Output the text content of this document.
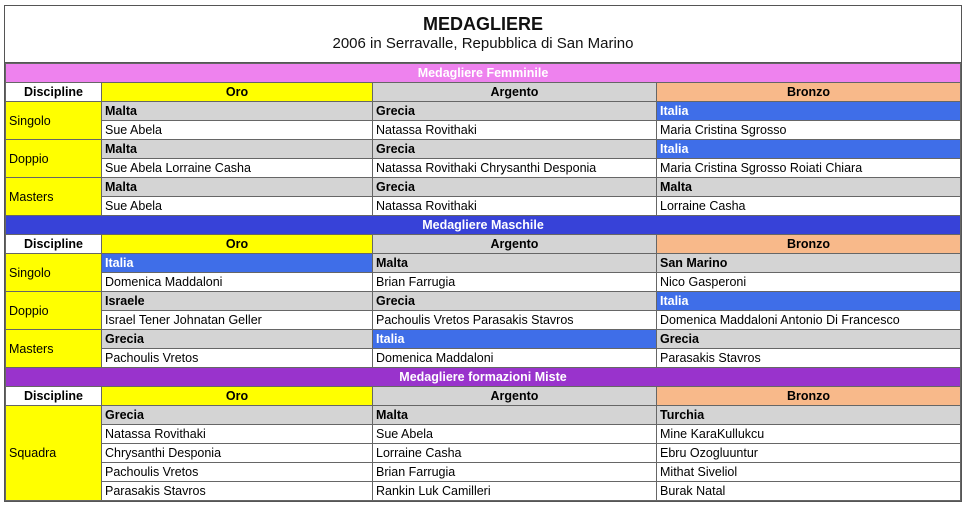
MEDAGLIERE
2006 in Serravalle, Repubblica di San Marino
Medagliere Femminile			
Discipline	Oro	Argento	Bronzo
Singolo	Malta	Grecia	Italia
	Sue Abela	Natassa Rovithaki	Maria Cristina Sgrosso
Doppio	Malta	Grecia	Italia
	Sue Abela Lorraine Casha	Natassa Rovithaki Chrysanthi Desponia	Maria Cristina Sgrosso Roiati Chiara
Masters	Malta	Grecia	Malta
	Sue Abela	Natassa Rovithaki	Lorraine Casha
Medagliere Maschile			
Discipline	Oro	Argento	Bronzo
Singolo	Italia	Malta	San Marino
	Domenica Maddaloni	Brian Farrugia	Nico Gasperoni
Doppio	Israele	Grecia	Italia
	Israel Tener Johnatan Geller	Pachoulis Vretos Parasakis Stavros	Domenica Maddaloni Antonio Di Francesco
Masters	Grecia	Italia	Grecia
	Pachoulis Vretos	Domenica Maddaloni	Parasakis Stavros
Medagliere formazioni Miste			
Discipline	Oro	Argento	Bronzo
Squadra	Grecia	Malta	Turchia
	Natassa Rovithaki	Sue Abela	Mine KaraKullukcu
	Chrysanthi Desponia	Lorraine Casha	Ebru Ozogluuntur
	Pachoulis Vretos	Brian Farrugia	Mithat Siveliol
	Parasakis Stavros	Rankin Luk Camilleri	Burak Natal
